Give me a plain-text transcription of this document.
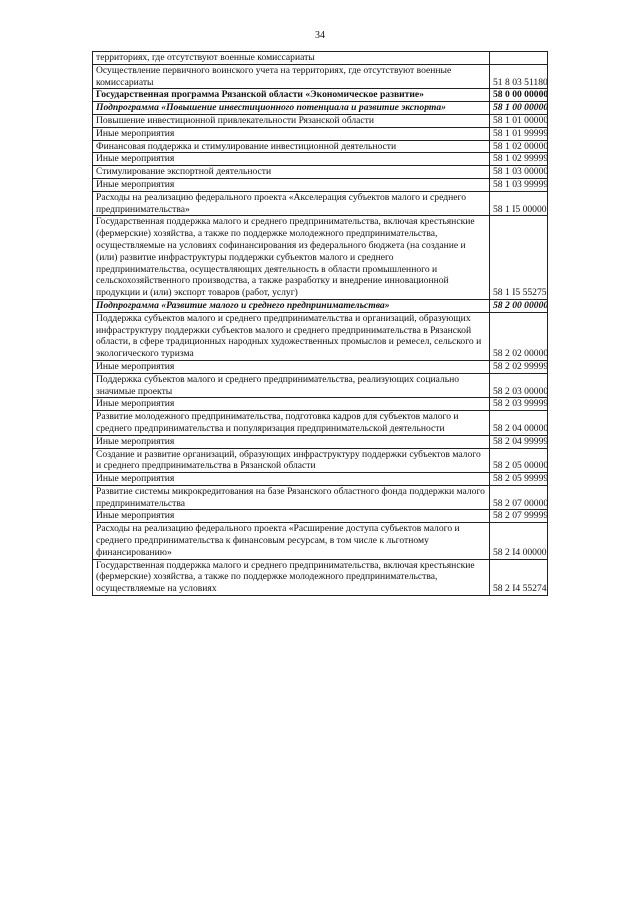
34
территориях, где отсутствуют военные комиссариаты	
Осуществление первичного воинского учета на территориях, где отсутствуют военные комиссариаты	51 8 03 51180
Государственная программа Рязанской области «Экономическое развитие»	58 0 00 00000
Подпрограмма «Повышение инвестиционного потенциала и развитие экспорта»	58 1 00 00000
Повышение инвестиционной привлекательности Рязанской области	58 1 01 00000
Иные мероприятия	58 1 01 99999
Финансовая поддержка и стимулирование инвестиционной деятельности	58 1 02 00000
Иные мероприятия	58 1 02 99999
Стимулирование экспортной деятельности	58 1 03 00000
Иные мероприятия	58 1 03 99999
Расходы на реализацию федерального проекта «Акселерация субъектов малого и среднего предпринимательства»	58 1 I5 00000
Государственная поддержка малого и среднего предпринимательства, включая крестьянские (фермерские) хозяйства, а также по поддержке молодежного предпринимательства, осуществляемые на условиях софинансирования из федерального бюджета (на создание и (или) развитие инфраструктуры поддержки субъектов малого и среднего предпринимательства, осуществляющих деятельность в области промышленного и сельскохозяйственного производства, а также разработку и внедрение инновационной продукции и (или) экспорт товаров (работ, услуг)	58 1 I5 55275
Подпрограмма «Развитие малого и среднего предпринимательства»	58 2 00 00000
Поддержка субъектов малого и среднего предпринимательства и организаций, образующих инфраструктуру поддержки субъектов малого и среднего предпринимательства в Рязанской области, в сфере традиционных народных художественных промыслов и ремесел, сельского и экологического туризма	58 2 02 00000
Иные мероприятия	58 2 02 99999
Поддержка субъектов малого и среднего предпринимательства, реализующих социально значимые проекты	58 2 03 00000
Иные мероприятия	58 2 03 99999
Развитие молодежного предпринимательства, подготовка кадров для субъектов малого и среднего предпринимательства и популяризация предпринимательской деятельности	58 2 04 00000
Иные мероприятия	58 2 04 99999
Создание и развитие организаций, образующих инфраструктуру поддержки субъектов малого и среднего предпринимательства в Рязанской области	58 2 05 00000
Иные мероприятия	58 2 05 99999
Развитие системы микрокредитования на базе Рязанского областного фонда поддержки малого предпринимательства	58 2 07 00000
Иные мероприятия	58 2 07 99999
Расходы на реализацию федерального проекта «Расширение доступа субъектов малого и среднего предпринимательства к финансовым ресурсам, в том числе к льготному финансированию»	58 2 I4 00000
Государственная поддержка малого и среднего предпринимательства, включая крестьянские (фермерские) хозяйства, а также по поддержке молодежного предпринимательства, осуществляемые на условиях	58 2 I4 55274
